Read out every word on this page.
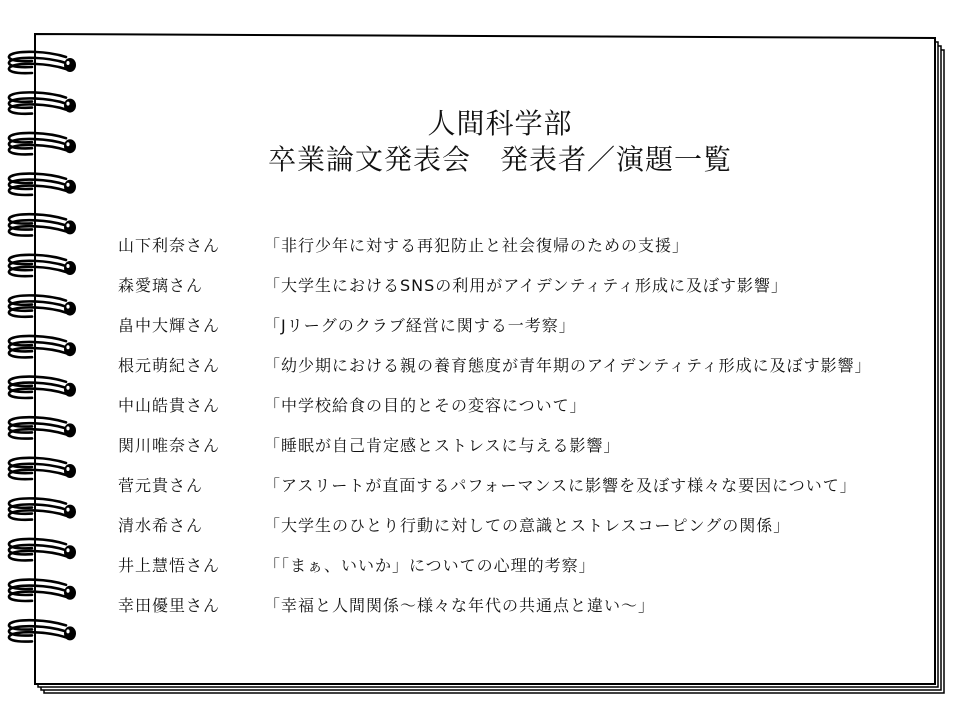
人間科学部
卒業論文発表会　発表者／演題一覧
山下利奈さん	「非行少年に対する再犯防止と社会復帰のための支援」
森愛璃さん	「大学生におけるSNSの利用がアイデンティティ形成に及ぼす影響」
畠中大輝さん	「Jリーグのクラブ経営に関する一考察」
根元萌紀さん	「幼少期における親の養育態度が青年期のアイデンティティ形成に及ぼす影響」
中山皓貴さん	「中学校給食の目的とその変容について」
関川唯奈さん	「睡眠が自己肯定感とストレスに与える影響」
菅元貴さん	「アスリートが直面するパフォーマンスに影響を及ぼす様々な要因について」
清水希さん	「大学生のひとり行動に対しての意識とストレスコーピングの関係」
井上慧悟さん	「「まぁ、いいか」についての心理的考察」
幸田優里さん	「幸福と人間関係～様々な年代の共通点と違い～」
